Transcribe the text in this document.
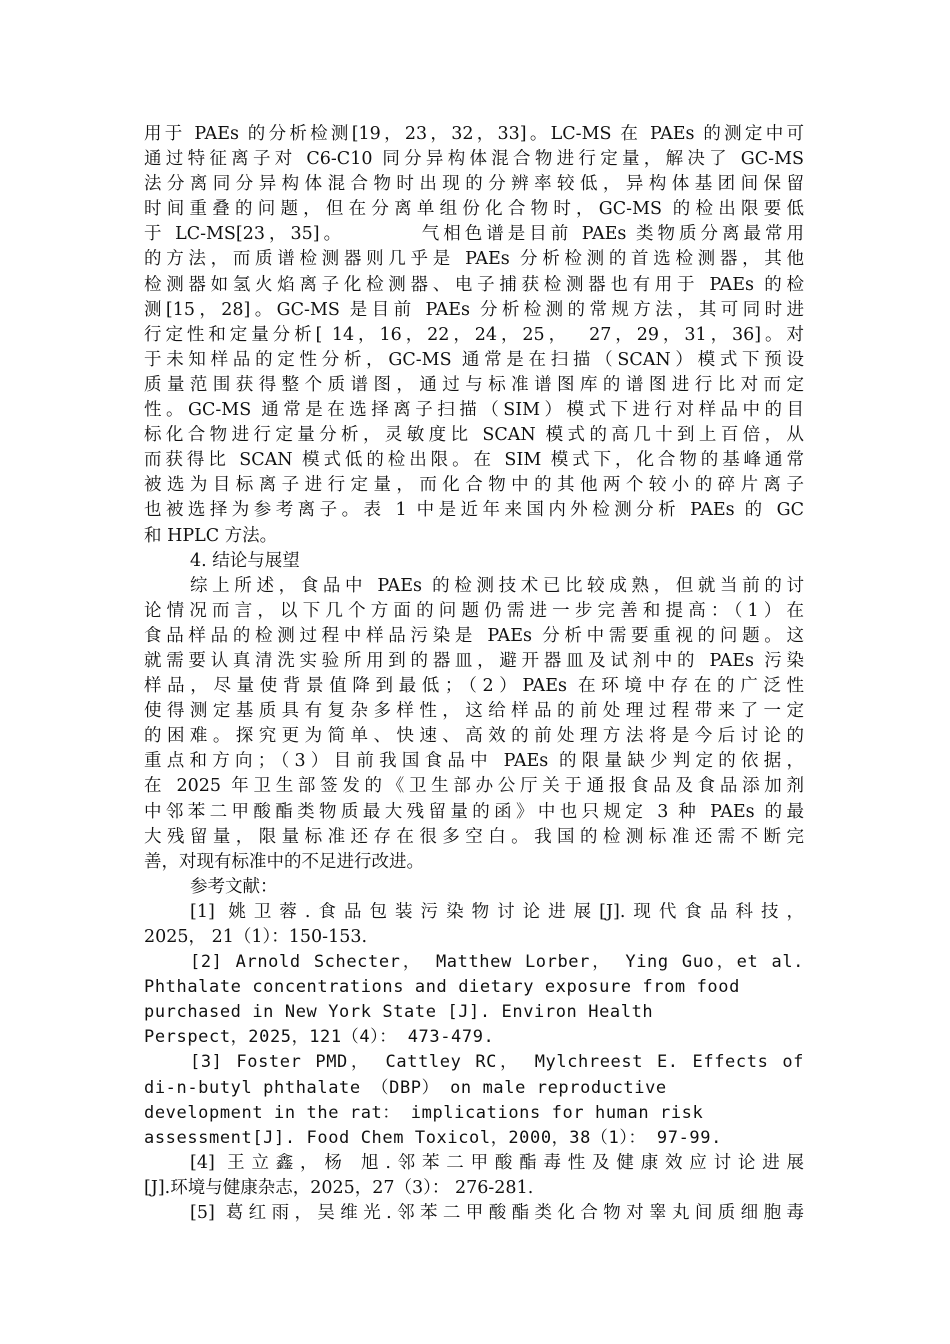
用于 PAEs 的分析检测[19，23，32，33]。LC-MS 在 PAEs 的测定中可
通过特征离子对 C6-C10 同分异构体混合物进行定量，解决了 GC-MS
法分离同分异构体混合物时出现的分辨率较低，异构体基团间保留
时间重叠的问题，但在分离单组份化合物时，GC-MS 的检出限要低
于 LC-MS[23，35]。        气相色谱是目前 PAEs 类物质分离最常用
的方法，而质谱检测器则几乎是 PAEs 分析检测的首选检测器，其他
检测器如氢火焰离子化检测器、电子捕获检测器也有用于 PAEs 的检
测[15，28]。GC-MS 是目前 PAEs 分析检测的常规方法，其可同时进
行定性和定量分析[ 14，16，22，24，25，  27，29，31，36]。对
于未知样品的定性分析，GC-MS 通常是在扫描（SCAN）模式下预设
质量范围获得整个质谱图，通过与标准谱图库的谱图进行比对而定
性。GC-MS 通常是在选择离子扫描（SIM）模式下进行对样品中的目
标化合物进行定量分析，灵敏度比 SCAN 模式的高几十到上百倍，从
而获得比 SCAN 模式低的检出限。在 SIM 模式下，化合物的基峰通常
被选为目标离子进行定量，而化合物中的其他两个较小的碎片离子
也被选择为参考离子。表 1 中是近年来国内外检测分析 PAEs 的 GC
和 HPLC 方法。
4. 结论与展望
综上所述，食品中 PAEs 的检测技术已比较成熟，但就当前的讨
论情况而言，以下几个方面的问题仍需进一步完善和提高：（1）在
食品样品的检测过程中样品污染是 PAEs 分析中需要重视的问题。这
就需要认真清洗实验所用到的器皿，避开器皿及试剂中的 PAEs 污染
样品，尽量使背景值降到最低；（2）PAEs 在环境中存在的广泛性
使得测定基质具有复杂多样性，这给样品的前处理过程带来了一定
的困难。探究更为简单、快速、高效的前处理方法将是今后讨论的
重点和方向；（3）目前我国食品中 PAEs 的限量缺少判定的依据，
在 2025 年卫生部签发的《卫生部办公厅关于通报食品及食品添加剂
中邻苯二甲酸酯类物质最大残留量的函》中也只规定 3 种 PAEs 的最
大残留量，限量标准还存在很多空白。我国的检测标准还需不断完
善，对现有标准中的不足进行改进。
参考文献：
[1] 姚卫蓉.食品包装污染物讨论进展[J].现代食品科技，
2025， 21（1）：150-153.
[2] Arnold Schecter， Matthew Lorber， Ying Guo，et al.
Phthalate concentrations and dietary exposure from food
purchased in New York State [J]. Environ Health
Perspect，2025，121（4）： 473-479.
[3] Foster PMD， Cattley RC， Mylchreest E. Effects of
di-n-butyl phthalate （DBP） on male reproductive
development in the rat： implications for human risk
assessment[J]. Food Chem Toxicol，2000，38（1）： 97-99.
[4] 王立鑫，杨 旭.邻苯二甲酸酯毒性及健康效应讨论进展
[J].环境与健康杂志，2025，27（3）： 276-281.
[5] 葛红雨，吴维光.邻苯二甲酸酯类化合物对睾丸间质细胞毒
